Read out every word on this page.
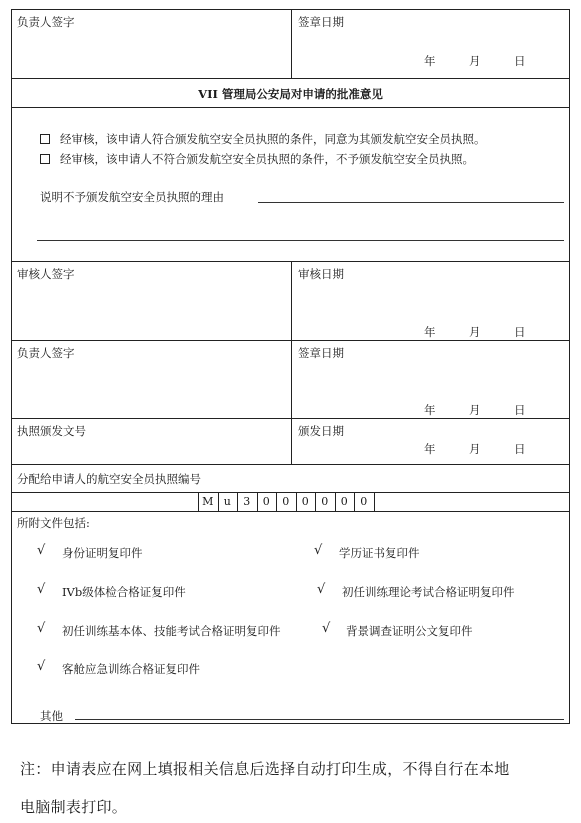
负责人签字	签章日期
年	月	日
VII 管理局公安局对申请的批准意见
经审核，该申请人符合颁发航空安全员执照的条件，同意为其颁发航空安全员执照。
经审核，该申请人不符合颁发航空安全员执照的条件，不予颁发航空安全员执照。
说明不予颁发航空安全员执照的理由
审核人签字	审核日期
年	月	日
负责人签字	签章日期
年	月	日
执照颁发文号	颁发日期
年	月	日
分配给申请人的航空安全员执照编号
M u	3	0	0	0	0	0	0
所附文件包括:
√ 身份证明复印件	√ 学历证书复印件
√ IVb级体检合格证复印件	√ 初任训练理论考试合格证明复印件
√ 初任训练基本体、技能考试合格证明复印件	√ 背景调查证明公文复印件
√ 客舱应急训练合格证复印件
其他
注：申请表应在网上填报相关信息后选择自动打印生成，不得自行在本地
电脑制表打印。
